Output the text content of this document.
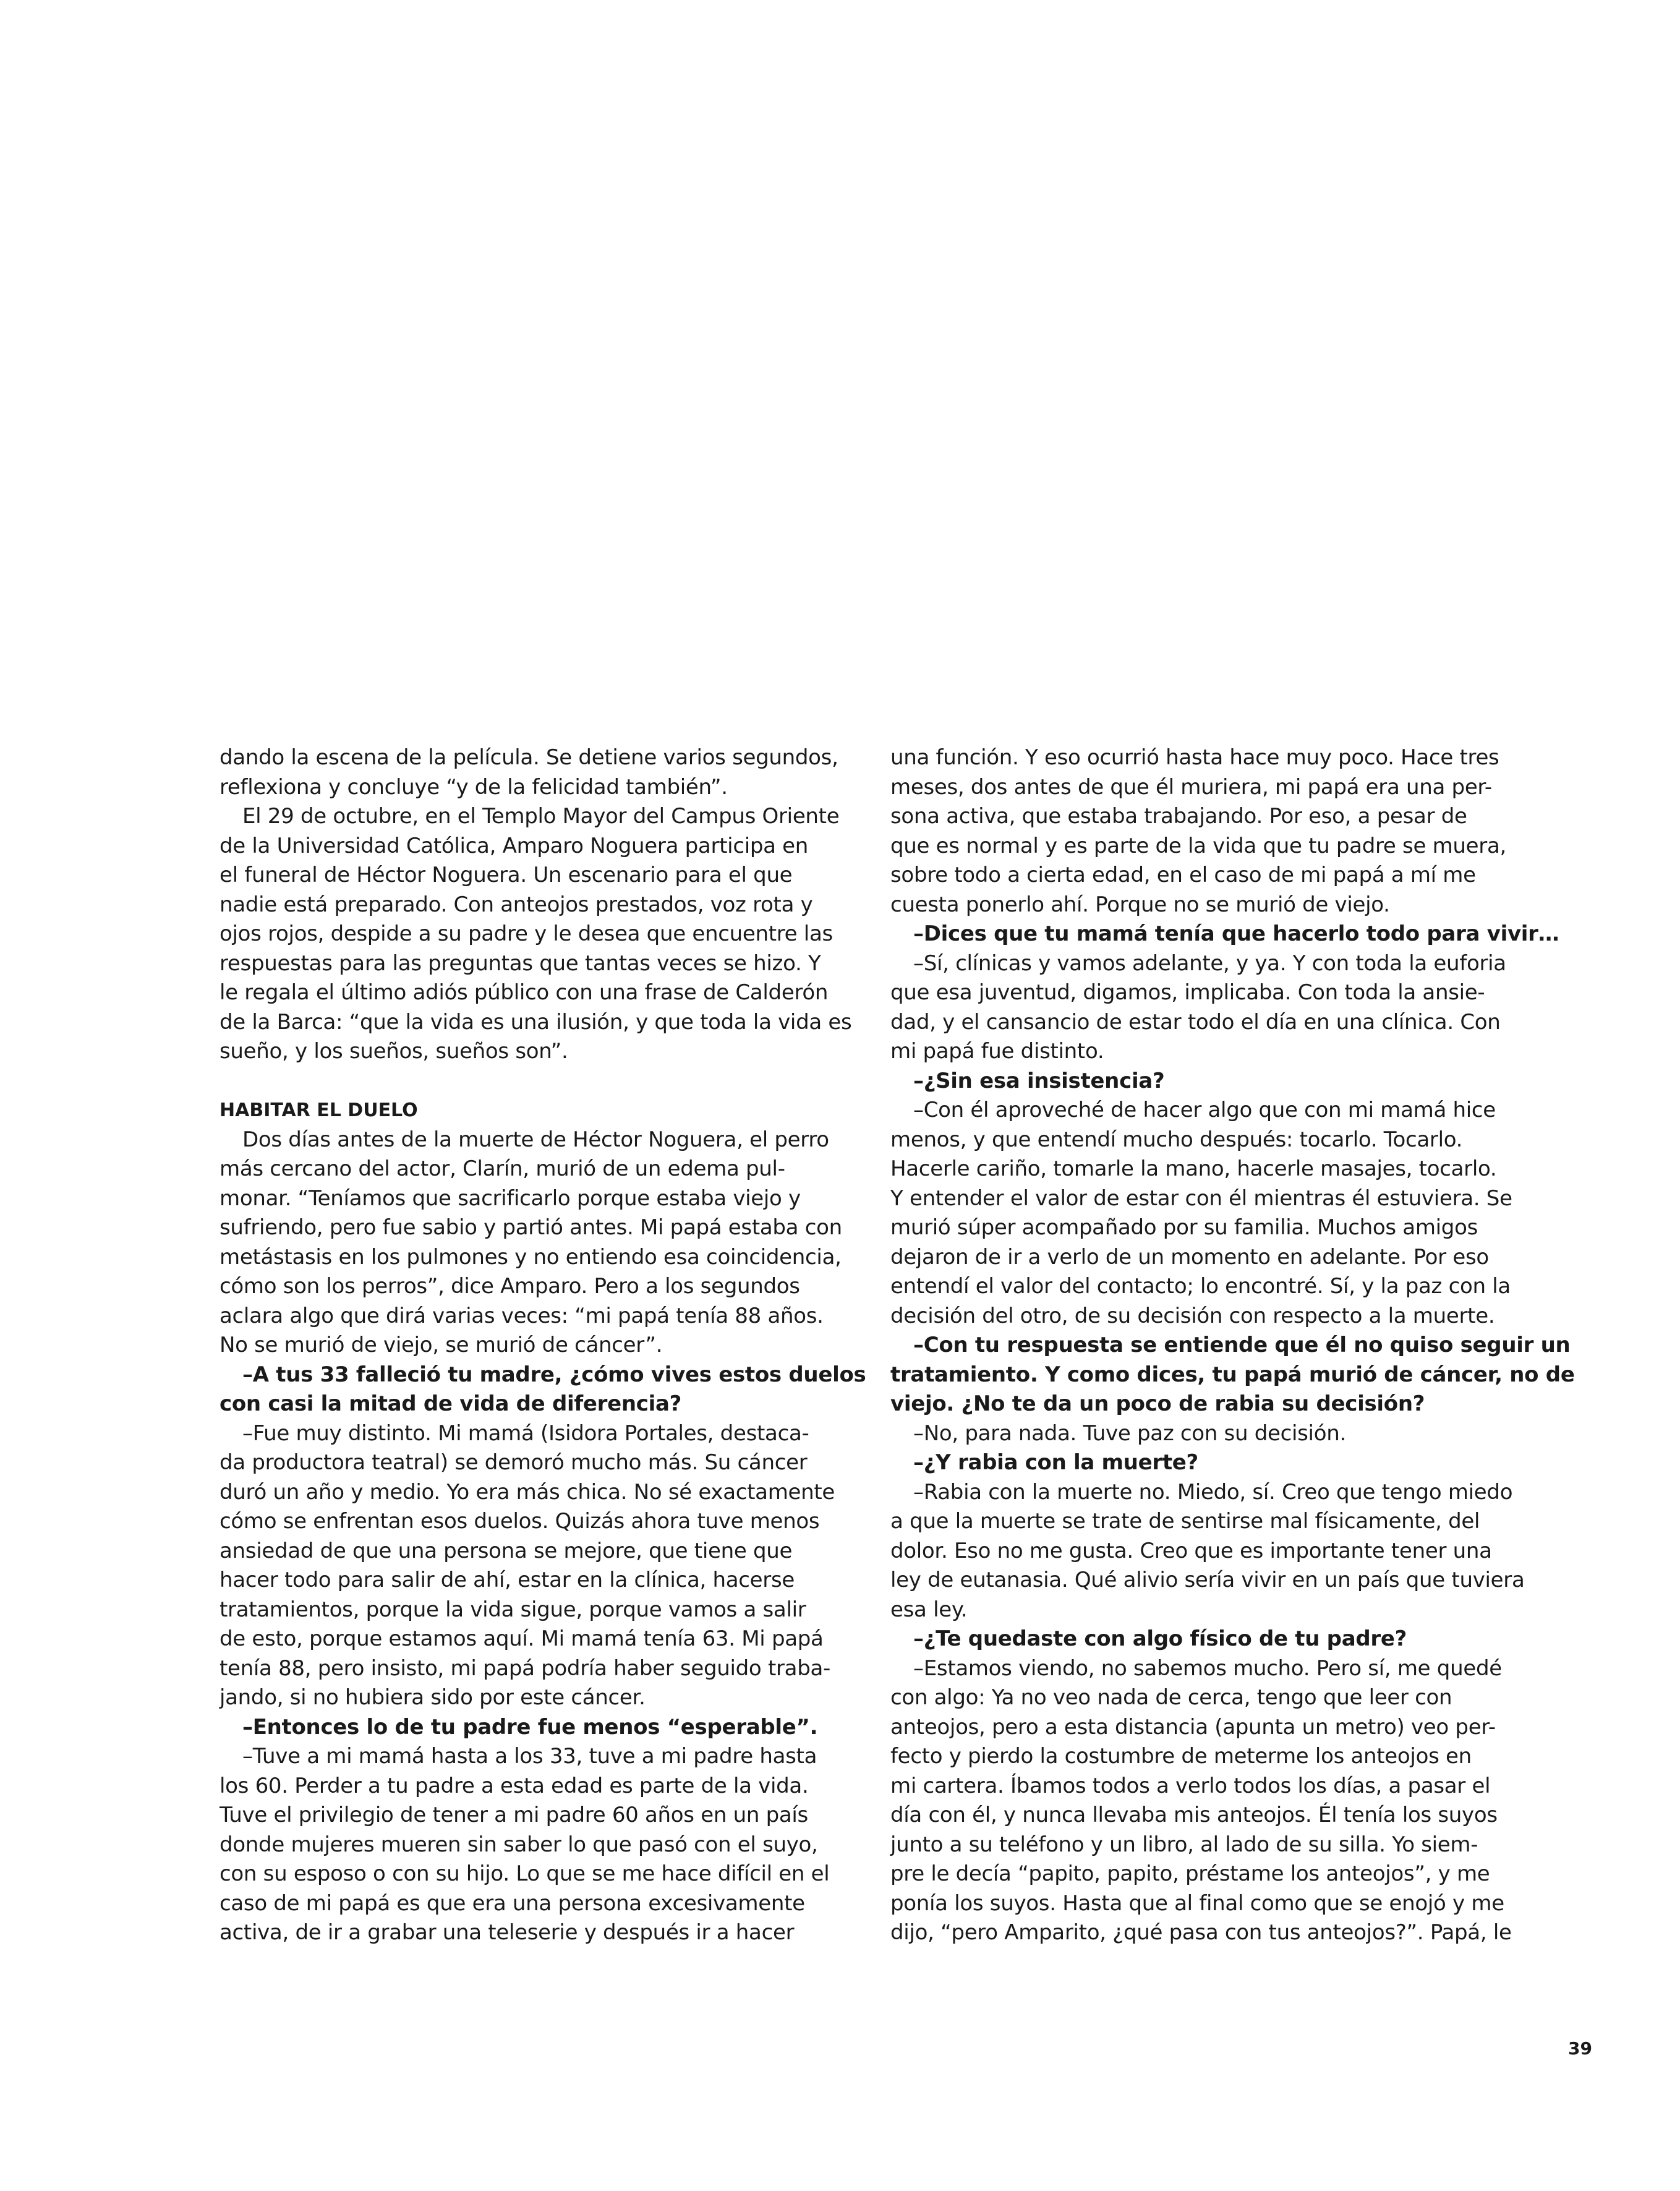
dando la escena de la película. Se detiene varios segundos,
reflexiona y concluye “y de la felicidad también”.
El 29 de octubre, en el Templo Mayor del Campus Oriente
de la Universidad Católica, Amparo Noguera participa en
el funeral de Héctor Noguera. Un escenario para el que
nadie está preparado. Con anteojos prestados, voz rota y
ojos rojos, despide a su padre y le desea que encuentre las
respuestas para las preguntas que tantas veces se hizo. Y
le regala el último adiós público con una frase de Calderón
de la Barca: “que la vida es una ilusión, y que toda la vida es
sueño, y los sueños, sueños son”.
HABITAR EL DUELO
Dos días antes de la muerte de Héctor Noguera, el perro
más cercano del actor, Clarín, murió de un edema pul-
monar. “Teníamos que sacrificarlo porque estaba viejo y
sufriendo, pero fue sabio y partió antes. Mi papá estaba con
metástasis en los pulmones y no entiendo esa coincidencia,
cómo son los perros”, dice Amparo. Pero a los segundos
aclara algo que dirá varias veces: “mi papá tenía 88 años.
No se murió de viejo, se murió de cáncer”.
–A tus 33 falleció tu madre, ¿cómo vives estos duelos
con casi la mitad de vida de diferencia?
–Fue muy distinto. Mi mamá (Isidora Portales, destaca-
da productora teatral) se demoró mucho más. Su cáncer
duró un año y medio. Yo era más chica. No sé exactamente
cómo se enfrentan esos duelos. Quizás ahora tuve menos
ansiedad de que una persona se mejore, que tiene que
hacer todo para salir de ahí, estar en la clínica, hacerse
tratamientos, porque la vida sigue, porque vamos a salir
de esto, porque estamos aquí. Mi mamá tenía 63. Mi papá
tenía 88, pero insisto, mi papá podría haber seguido traba-
jando, si no hubiera sido por este cáncer.
–Entonces lo de tu padre fue menos “esperable”.
–Tuve a mi mamá hasta a los 33, tuve a mi padre hasta
los 60. Perder a tu padre a esta edad es parte de la vida.
Tuve el privilegio de tener a mi padre 60 años en un país
donde mujeres mueren sin saber lo que pasó con el suyo,
con su esposo o con su hijo. Lo que se me hace difícil en el
caso de mi papá es que era una persona excesivamente
activa, de ir a grabar una teleserie y después ir a hacer
una función. Y eso ocurrió hasta hace muy poco. Hace tres
meses, dos antes de que él muriera, mi papá era una per-
sona activa, que estaba trabajando. Por eso, a pesar de
que es normal y es parte de la vida que tu padre se muera,
sobre todo a cierta edad, en el caso de mi papá a mí me
cuesta ponerlo ahí. Porque no se murió de viejo.
–Dices que tu mamá tenía que hacerlo todo para vivir…
–Sí, clínicas y vamos adelante, y ya. Y con toda la euforia
que esa juventud, digamos, implicaba. Con toda la ansie-
dad, y el cansancio de estar todo el día en una clínica. Con
mi papá fue distinto.
–¿Sin esa insistencia?
–Con él aproveché de hacer algo que con mi mamá hice
menos, y que entendí mucho después: tocarlo. Tocarlo.
Hacerle cariño, tomarle la mano, hacerle masajes, tocarlo.
Y entender el valor de estar con él mientras él estuviera. Se
murió súper acompañado por su familia. Muchos amigos
dejaron de ir a verlo de un momento en adelante. Por eso
entendí el valor del contacto; lo encontré. Sí, y la paz con la
decisión del otro, de su decisión con respecto a la muerte.
–Con tu respuesta se entiende que él no quiso seguir un
tratamiento. Y como dices, tu papá murió de cáncer, no de
viejo. ¿No te da un poco de rabia su decisión?
–No, para nada. Tuve paz con su decisión.
–¿Y rabia con la muerte?
–Rabia con la muerte no. Miedo, sí. Creo que tengo miedo
a que la muerte se trate de sentirse mal físicamente, del
dolor. Eso no me gusta. Creo que es importante tener una
ley de eutanasia. Qué alivio sería vivir en un país que tuviera
esa ley.
–¿Te quedaste con algo físico de tu padre?
–Estamos viendo, no sabemos mucho. Pero sí, me quedé
con algo: Ya no veo nada de cerca, tengo que leer con
anteojos, pero a esta distancia (apunta un metro) veo per-
fecto y pierdo la costumbre de meterme los anteojos en
mi cartera. Íbamos todos a verlo todos los días, a pasar el
día con él, y nunca llevaba mis anteojos. Él tenía los suyos
junto a su teléfono y un libro, al lado de su silla. Yo siem-
pre le decía “papito, papito, préstame los anteojos”, y me
ponía los suyos. Hasta que al final como que se enojó y me
dijo, “pero Amparito, ¿qué pasa con tus anteojos?”. Papá, le
39
